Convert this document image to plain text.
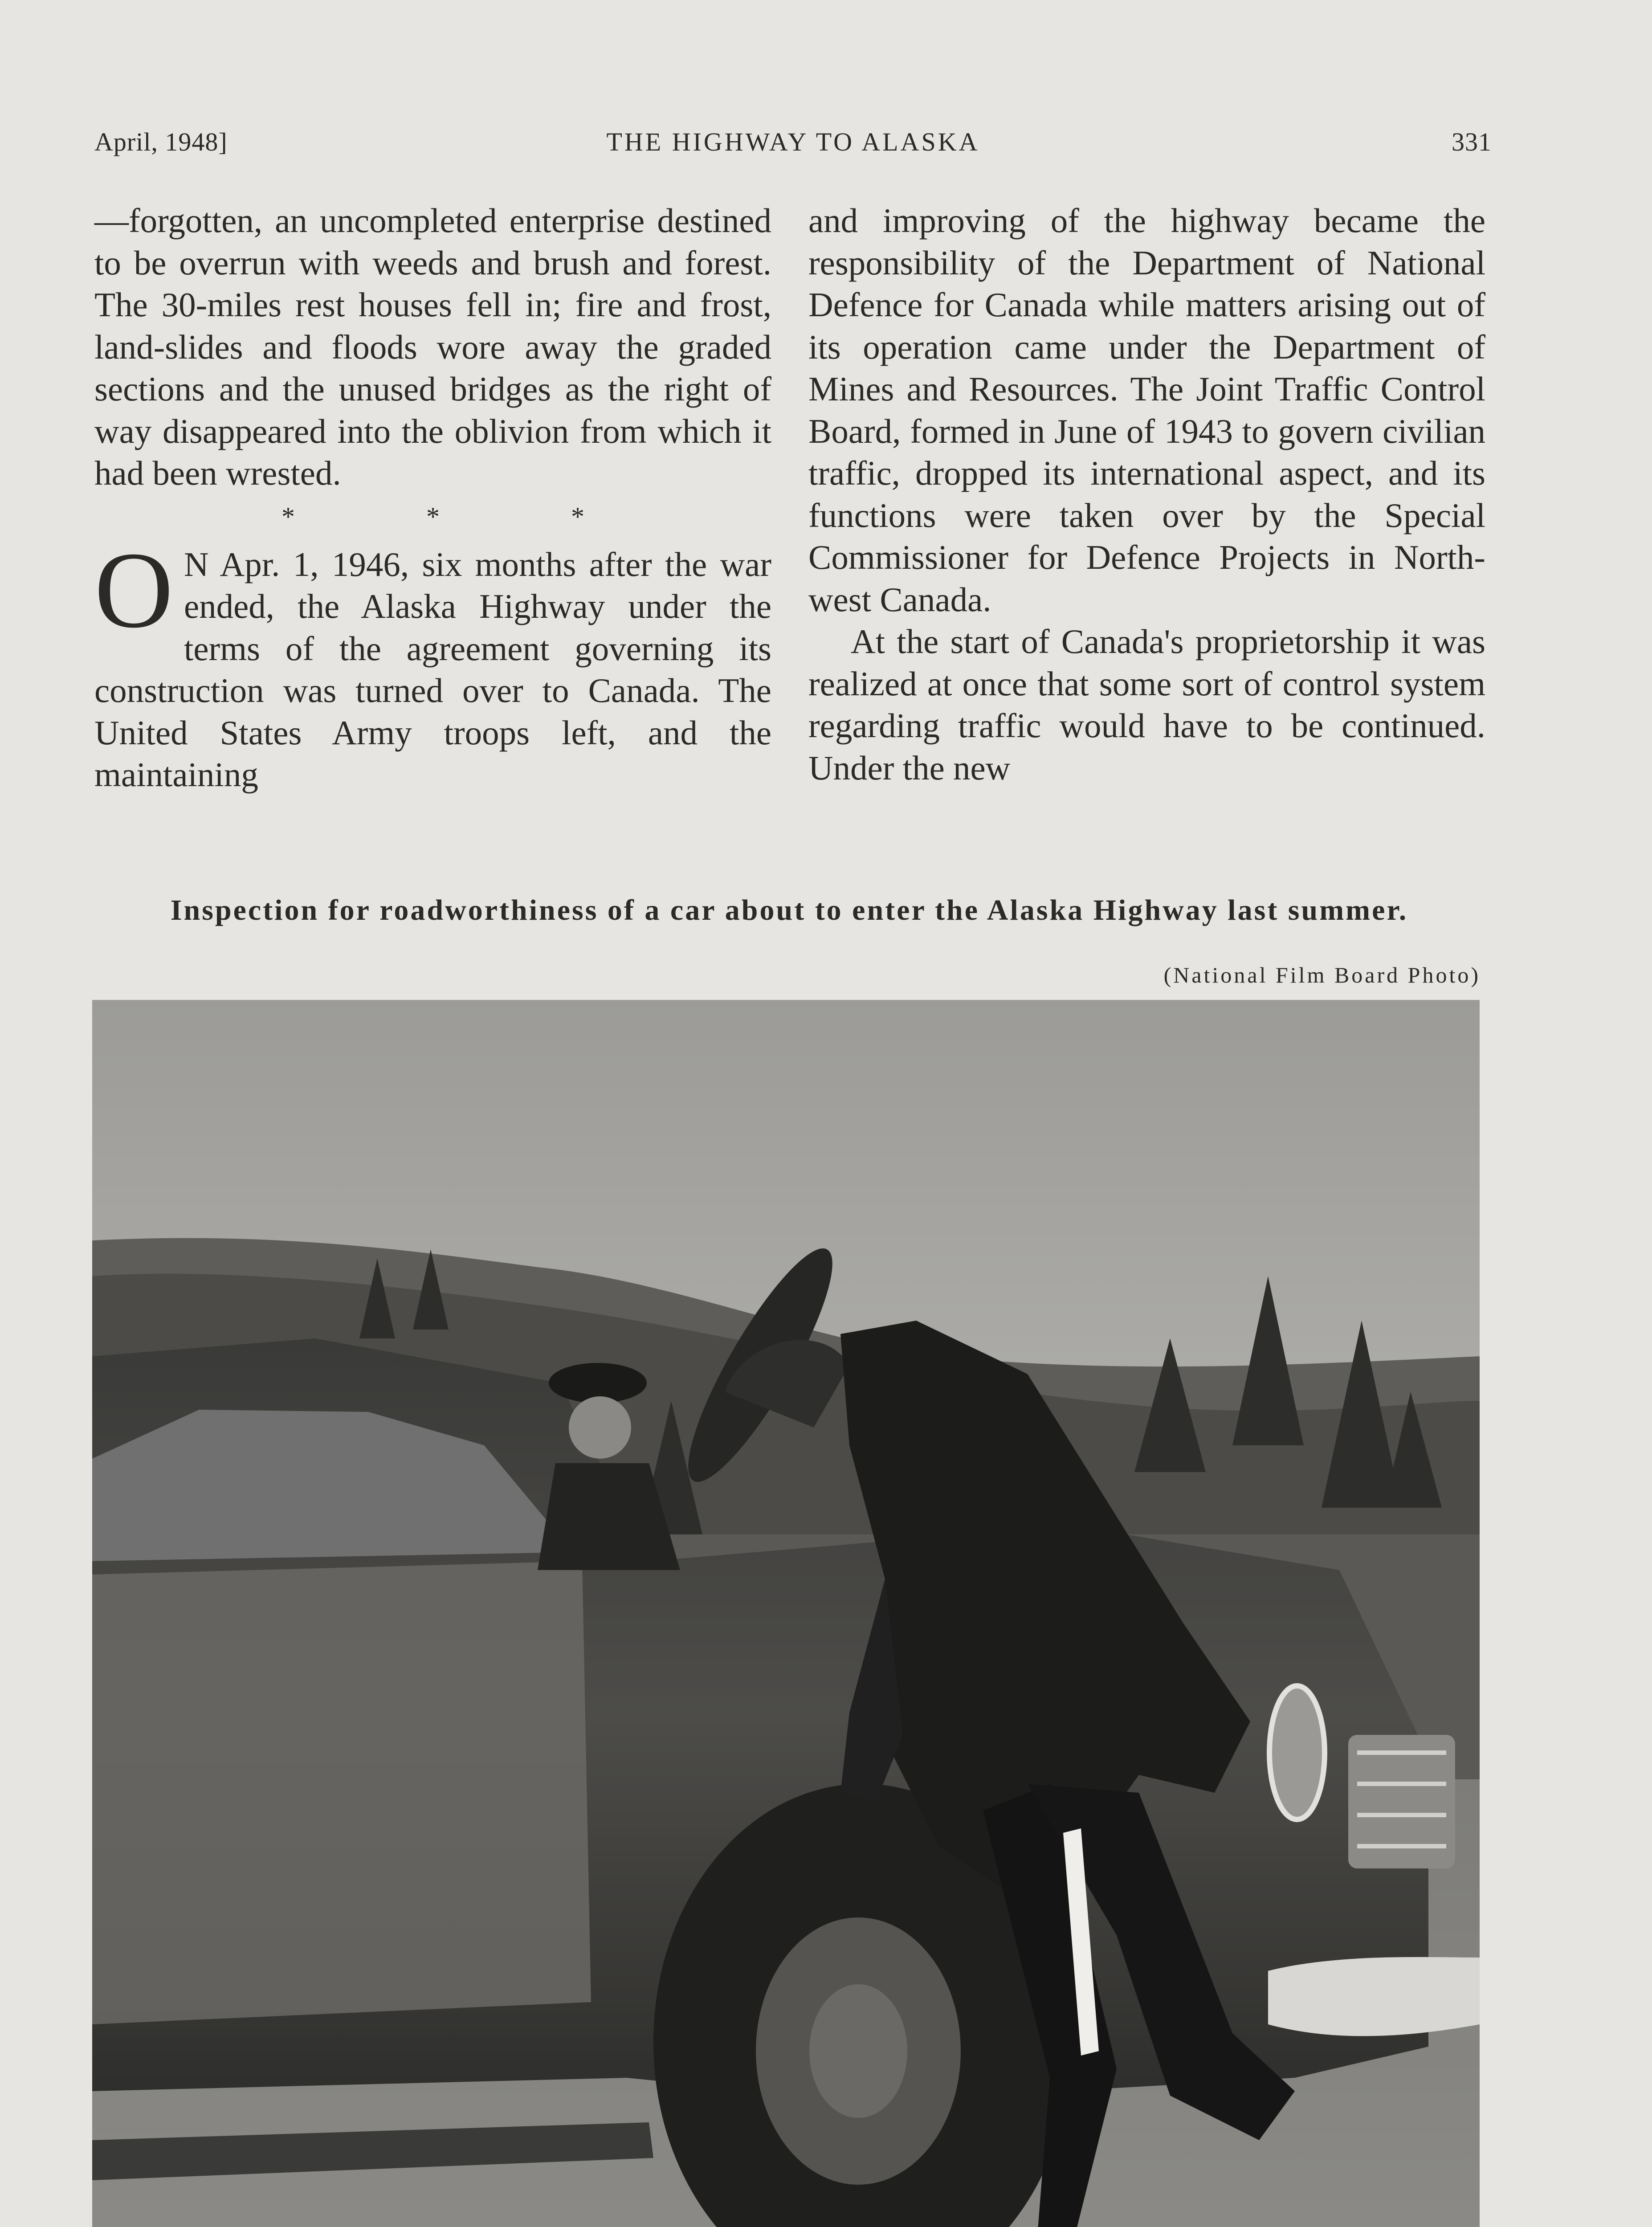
April, 1948]	THE HIGHWAY TO ALASKA	331

—forgotten, an uncompleted enterprise destined to be overrun with weeds and brush and forest. The 30-miles rest houses fell in; fire and frost, land-slides and floods wore away the graded sections and the unused bridges as the right of way disappeared into the oblivion from which it had been wrested.

* * *

O N Apr. 1, 1946, six months after the war ended, the Alaska Highway under the terms of the agreement governing its construction was turned over to Canada. The United States Army troops left, and the maintaining

and improving of the highway became the responsibility of the Department of National Defence for Canada while matters arising out of its operation came under the Department of Mines and Resources. The Joint Traffic Control Board, formed in June of 1943 to govern civilian traffic, dropped its international aspect, and its functions were taken over by the Special Commissioner for Defence Projects in North-west Canada.

At the start of Canada's proprietorship it was realized at once that some sort of control system regarding traffic would have to be continued. Under the new

Inspection for roadworthiness of a car about to enter the Alaska Highway last summer.
(National Film Board Photo)
